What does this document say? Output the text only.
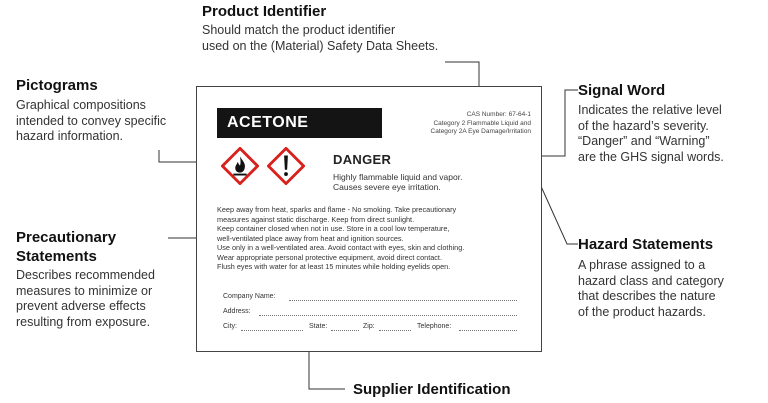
Product Identifier
Should match the product identifier
used on the (Material) Safety Data Sheets.
Pictograms
Graphical compositions
intended to convey specific
hazard information.
Signal Word
Indicates the relative level
of the hazard’s severity.
“Danger” and “Warning”
are the GHS signal words.
Precautionary
Statements
Describes recommended
measures to minimize or
prevent adverse effects
resulting from exposure.
Hazard Statements
A phrase assigned to a
hazard class and category
that describes the nature
of the product hazards.
Supplier Identification
ACETONE	CAS Number: 67-64-1
Category 2 Flammable Liquid and
Category 2A Eye Damage/Irritation
DANGER
Highly flammable liquid and vapor.
Causes severe eye irritation.
Keep away from heat, sparks and flame - No smoking. Take precautionary
measures against static discharge. Keep from direct sunlight.
Keep container closed when not in use. Store in a cool low temperature,
well-ventilated place away from heat and ignition sources.
Use only in a well-ventilated area. Avoid contact with eyes, skin and clothing.
Wear appropriate personal protective equipment, avoid direct contact.
Flush eyes with water for at least 15 minutes while holding eyelids open.
Company Name:
Address:
City:	State:	Zip:	Telephone:
